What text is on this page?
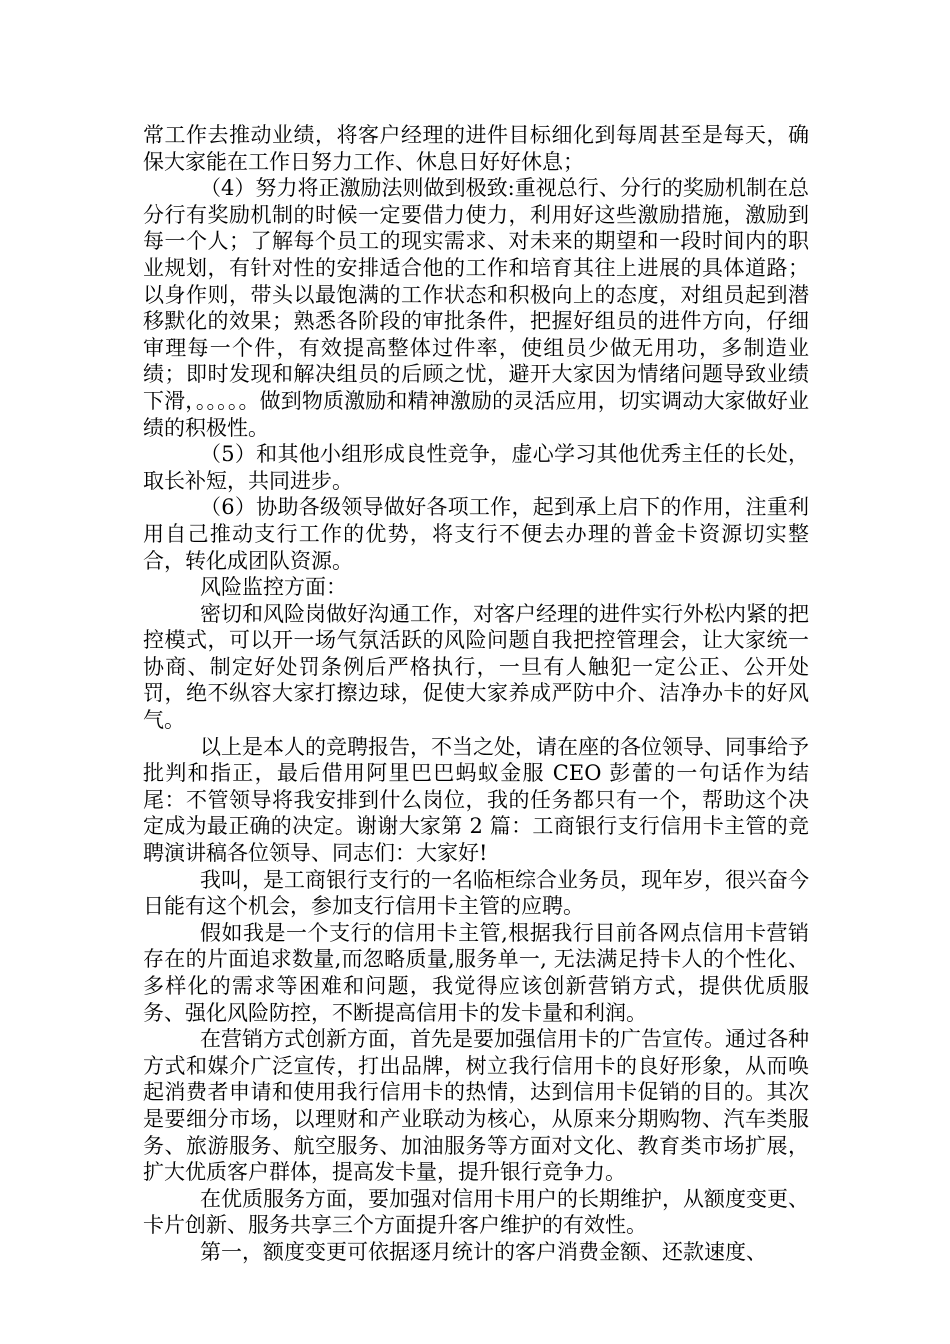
常工作去推动业绩，将客户经理的进件目标细化到每周甚至是每天，确保大家能在工作日努力工作、休息日好好休息；

（4）努力将正激励法则做到极致:重视总行、分行的奖励机制在总分行有奖励机制的时候一定要借力使力，利用好这些激励措施，激励到每一个人；了解每个员工的现实需求、对未来的期望和一段时间内的职业规划，有针对性的安排适合他的工作和培育其往上进展的具体道路；以身作则，带头以最饱满的工作状态和积极向上的态度，对组员起到潜移默化的效果；熟悉各阶段的审批条件，把握好组员的进件方向，仔细审理每一个件，有效提高整体过件率，使组员少做无用功，多制造业绩；即时发现和解决组员的后顾之忧，避开大家因为情绪问题导致业绩下滑，。。。。。做到物质激励和精神激励的灵活应用，切实调动大家做好业绩的积极性。

（5）和其他小组形成良性竞争，虚心学习其他优秀主任的长处，取长补短，共同进步。

（6）协助各级领导做好各项工作，起到承上启下的作用，注重利用自己推动支行工作的优势，将支行不便去办理的普金卡资源切实整合，转化成团队资源。

风险监控方面：

密切和风险岗做好沟通工作，对客户经理的进件实行外松内紧的把控模式，可以开一场气氛活跃的风险问题自我把控管理会，让大家统一协商、制定好处罚条例后严格执行，一旦有人触犯一定公正、公开处罚，绝不纵容大家打擦边球，促使大家养成严防中介、洁净办卡的好风气。

以上是本人的竞聘报告，不当之处，请在座的各位领导、同事给予批判和指正，最后借用阿里巴巴蚂蚁金服 CEO 彭蕾的一句话作为结尾：不管领导将我安排到什么岗位，我的任务都只有一个，帮助这个决定成为最正确的决定。谢谢大家第 2 篇：工商银行支行信用卡主管的竞聘演讲稿各位领导、同志们：大家好!

我叫，是工商银行支行的一名临柜综合业务员，现年岁，很兴奋今日能有这个机会，参加支行信用卡主管的应聘。

假如我是一个支行的信用卡主管,根据我行目前各网点信用卡营销存在的片面追求数量,而忽略质量,服务单一, 无法满足持卡人的个性化、多样化的需求等困难和问题，我觉得应该创新营销方式，提供优质服务、强化风险防控，不断提高信用卡的发卡量和利润。

在营销方式创新方面，首先是要加强信用卡的广告宣传。通过各种方式和媒介广泛宣传，打出品牌，树立我行信用卡的良好形象，从而唤起消费者申请和使用我行信用卡的热情，达到信用卡促销的目的。其次是要细分市场，以理财和产业联动为核心，从原来分期购物、汽车类服务、旅游服务、航空服务、加油服务等方面对文化、教育类市场扩展，扩大优质客户群体，提高发卡量，提升银行竞争力。

在优质服务方面，要加强对信用卡用户的长期维护，从额度变更、卡片创新、服务共享三个方面提升客户维护的有效性。

第一，额度变更可依据逐月统计的客户消费金额、还款速度、
